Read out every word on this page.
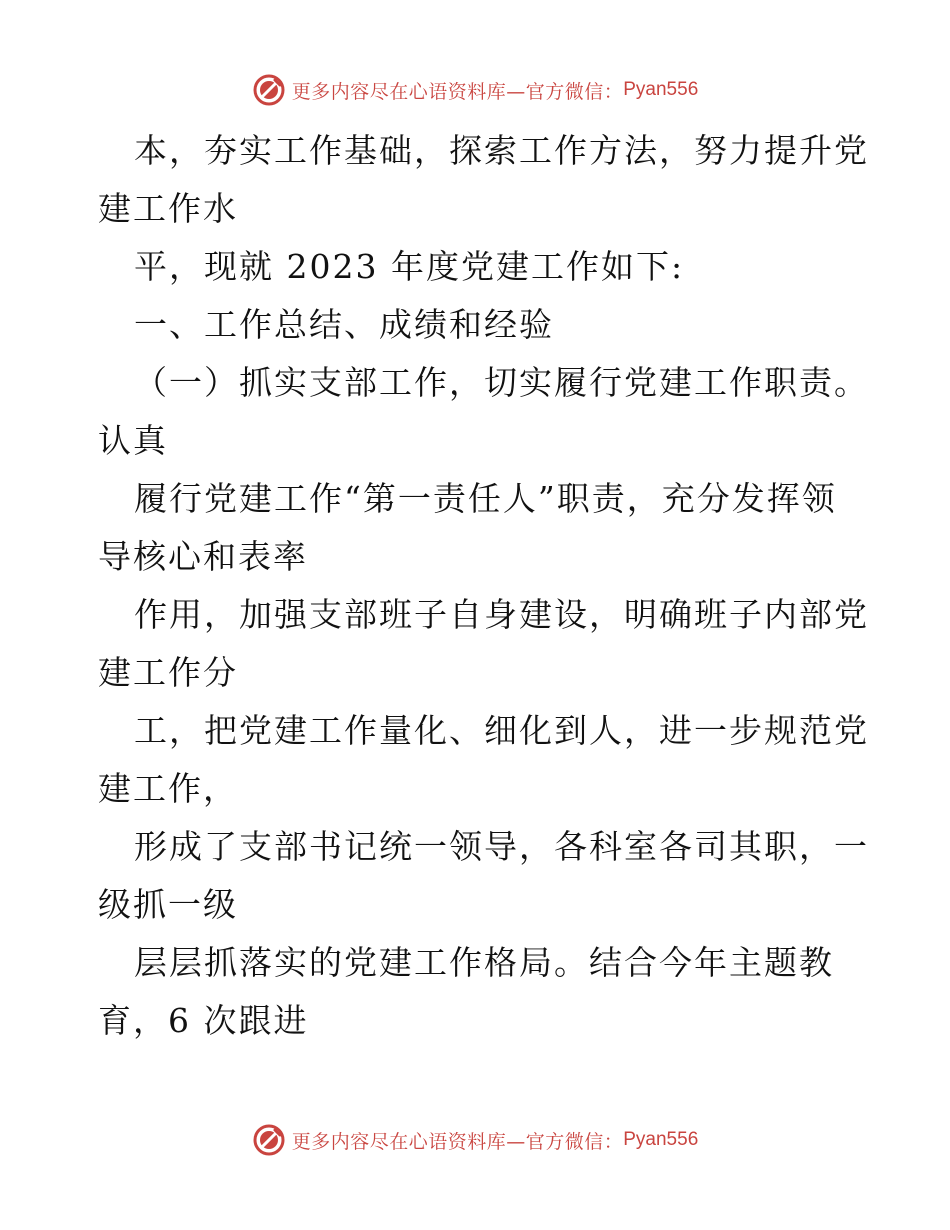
更多内容尽在心语资料库—官方微信： Pyan556
本，夯实工作基础，探索工作方法，努力提升党
建工作水
平，现就 2023 年度党建工作如下:
一、工作总结、成绩和经验
（一）抓实支部工作，切实履行党建工作职责。
认真
履行党建工作“第一责任人”职责，充分发挥领
导核心和表率
作用，加强支部班子自身建设，明确班子内部党
建工作分
工，把党建工作量化、细化到人，进一步规范党
建工作，
形成了支部书记统一领导，各科室各司其职，一
级抓一级
层层抓落实的党建工作格局。结合今年主题教
育，6 次跟进
更多内容尽在心语资料库—官方微信： Pyan556
